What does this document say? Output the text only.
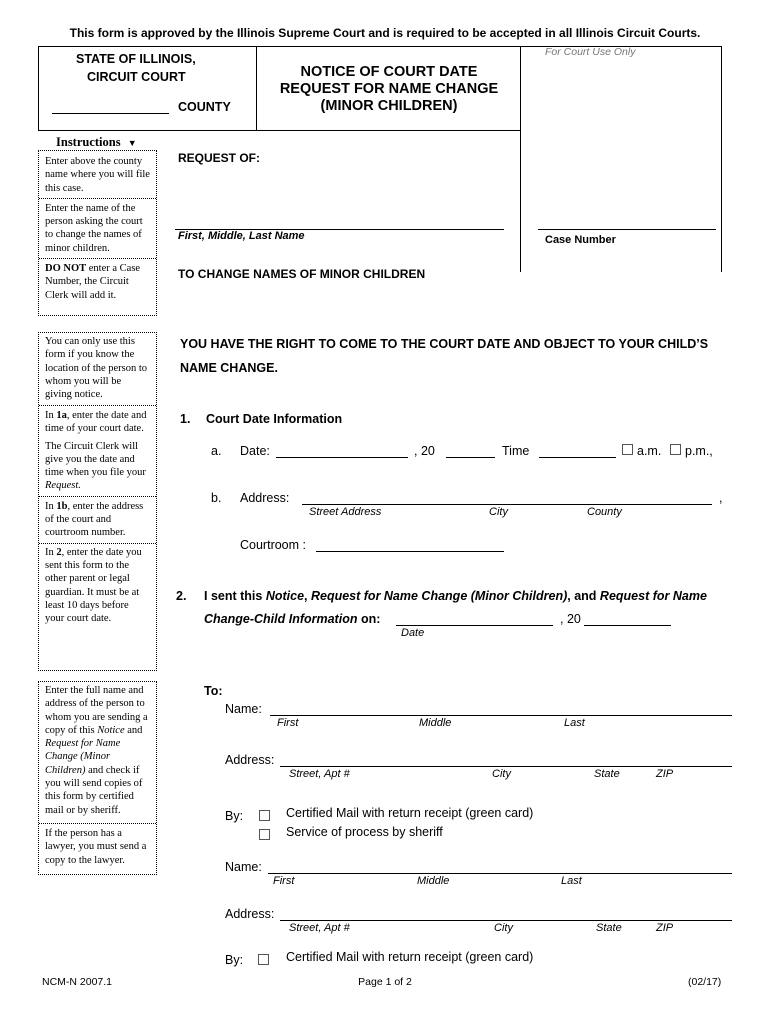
This form is approved by the Illinois Supreme Court and is required to be accepted in all Illinois Circuit Courts.
STATE OF ILLINOIS,
CIRCUIT COURT
COUNTY
NOTICE OF COURT DATE
REQUEST FOR NAME CHANGE
(MINOR CHILDREN)
For Court Use Only
Case Number
Instructions ▼
Enter above the county name where you will file this case.
Enter the name of the person asking the court to change the names of minor children.
DO NOT enter a Case Number, the Circuit Clerk will add it.
REQUEST OF:
First, Middle, Last Name
TO CHANGE NAMES OF MINOR CHILDREN
You can only use this form if you know the location of the person to whom you will be giving notice.
In 1a, enter the date and time of your court date.
The Circuit Clerk will give you the date and time when you file your Request.
In 1b, enter the address of the court and courtroom number.
In 2, enter the date you sent this form to the other parent or legal guardian. It must be at least 10 days before your court date.
YOU HAVE THE RIGHT TO COME TO THE COURT DATE AND OBJECT TO YOUR CHILD’S
NAME CHANGE.
1. Court Date Information
a. Date:	, 20	Time	a.m. p.m.,
b. Address:	,
Street Address	City	County
Courtroom :
2. I sent this Notice, Request for Name Change (Minor Children), and Request for Name
Change-Child Information on:	, 20
Date
Enter the full name and address of the person to whom you are sending a copy of this Notice and Request for Name Change (Minor Children) and check if you will send copies of this form by certified mail or by sheriff.
If the person has a lawyer, you must send a copy to the lawyer.
To:
Name:
First	Middle	Last
Address:
Street, Apt #	City	State	ZIP
By:	Certified Mail with return receipt (green card)
Service of process by sheriff
Name:
First	Middle	Last
Address:
Street, Apt #	City	State	ZIP
By:	Certified Mail with return receipt (green card)
NCM-N 2007.1	Page 1 of 2	(02/17)
